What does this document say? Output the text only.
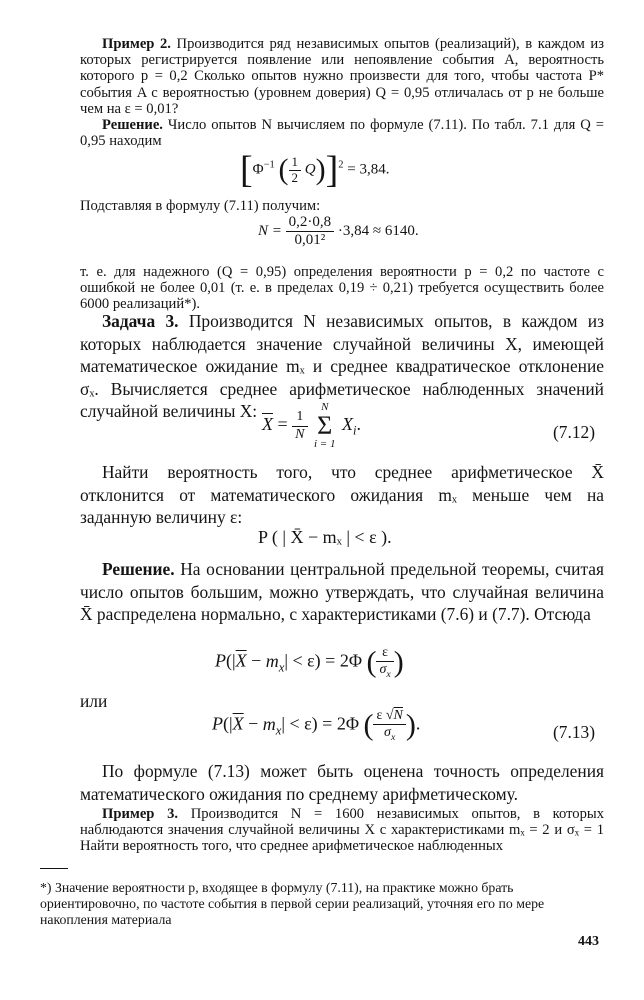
Пример 2. Производится ряд независимых опытов (реализаций), в каждом из которых регистрируется появление или непоявление события A, вероятность которого p = 0,2 Сколько опытов нужно произвести для того, чтобы частота P* события A с вероятностью (уровнем доверия) Q = 0,95 отличалась от p не больше чем на ε = 0,01?

Решение. Число опытов N вычисляем по формуле (7.11). По табл. 7.1 для Q = 0,95 находим

[$\Phi^{-1}$ ( $\frac{1}{2} Q)]^2 = 3,84$.

Подставляя в формулу (7.11) получим:

$N = \frac{0,2\cdot 0,8}{\text{0,01²}} \cdot 3,84 \approx 6140$.

т. е. для надежного (Q = 0,95) определения вероятности p = 0,2 по частоте с ошибкой не более 0,01 (т. е. в пределах 0,19 ÷ 0,21) требуется осуществить более 6000 реализаций*).

Задача 3. Производится N независимых опытов, в каждом из которых наблюдается значение случайной величины X, имеющей математическое ожидание mₓ и среднее квадратическое отклонение σₓ. Вычисляется среднее арифметическое наблюденных значений случайной величины X:

$\overline{X} = \frac{1}{N}$

N
Σ
i = 1
$X_i$.	(7.12)

Найти вероятность того, что среднее арифметическое X̄ отклонится от математического ожидания mₓ меньше чем на заданную величину ε:

P ( | X̄ − mₓ | < ε ).

Решение. На основании центральной предельной теоремы, считая число опытов большим, можно утверждать, что случайная величина X̄ распределена нормально, с характеристиками (7.6) и (7.7). Отсюда

$P(|\overline{X} - m_x| < \varepsilon) = 2\Phi$ ( $\frac{\varepsilon}{\sigma_x}$ )

или

$P(|\overline{X} - m_x| < \varepsilon) = 2\Phi$ ( $\frac{\varepsilon √N}{\sigma_x}$ ).	(7.13)

По формуле (7.13) может быть оценена точность определения математического ожидания по среднему арифметическому.

Пример 3. Производится N = 1600 независимых опытов, в которых наблюдаются значения случайной величины X с характеристиками mₓ = 2 и σₓ = 1 Найти вероятность того, что среднее арифметическое наблюденных

*) Значение вероятности p, входящее в формулу (7.11), на практике можно брать ориентировочно, по частоте события в первой серии реализаций, уточняя его по мере накопления материала

443
